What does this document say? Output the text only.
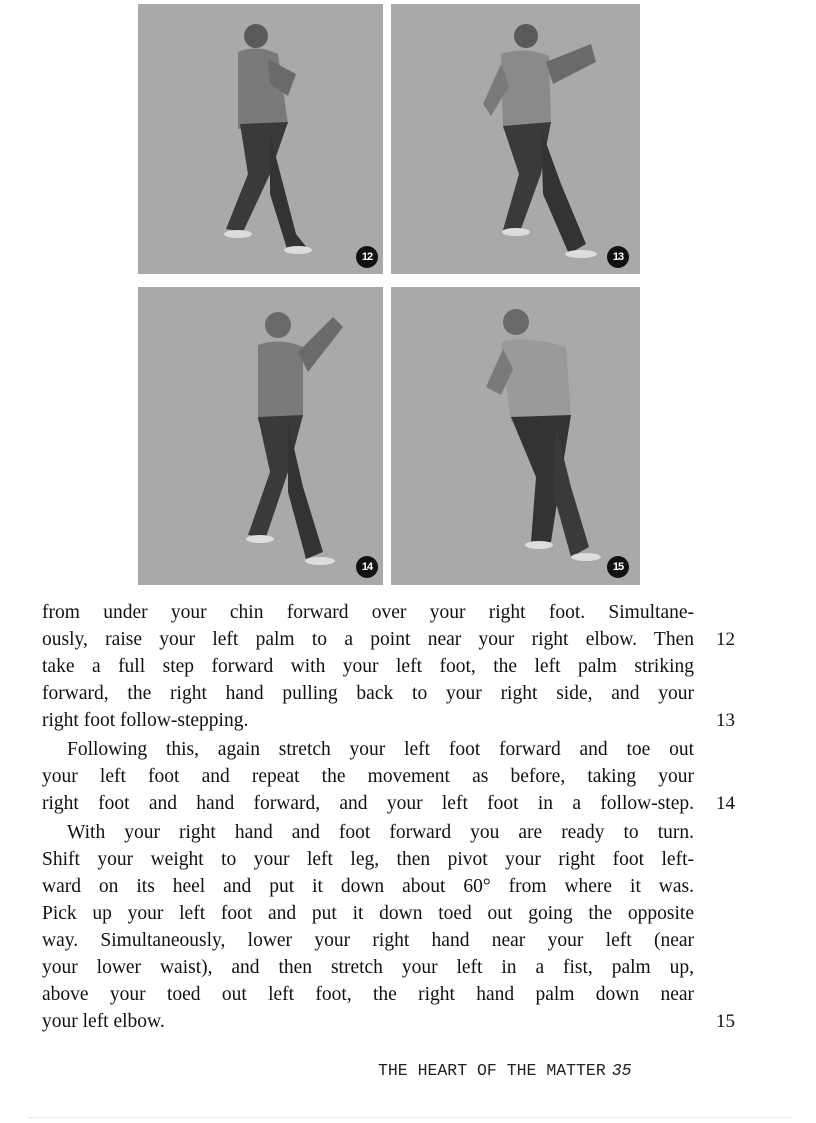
12	13
14	15
from under your chin forward over your right foot. Simultane-
ously, raise your left palm to a point near your right elbow. Then
take a full step forward with your left foot, the left palm striking
forward, the right hand pulling back to your right side, and your
right foot follow-stepping.
Following this, again stretch your left foot forward and toe out
your left foot and repeat the movement as before, taking your
right foot and hand forward, and your left foot in a follow-step.
With your right hand and foot forward you are ready to turn.
Shift your weight to your left leg, then pivot your right foot left-
ward on its heel and put it down about 60° from where it was.
Pick up your left foot and put it down toed out going the opposite
way. Simultaneously, lower your right hand near your left (near
your lower waist), and then stretch your left in a fist, palm up,
above your toed out left foot, the right hand palm down near
your left elbow.
12
13
14
15
THE HEART OF THE MATTER 35
